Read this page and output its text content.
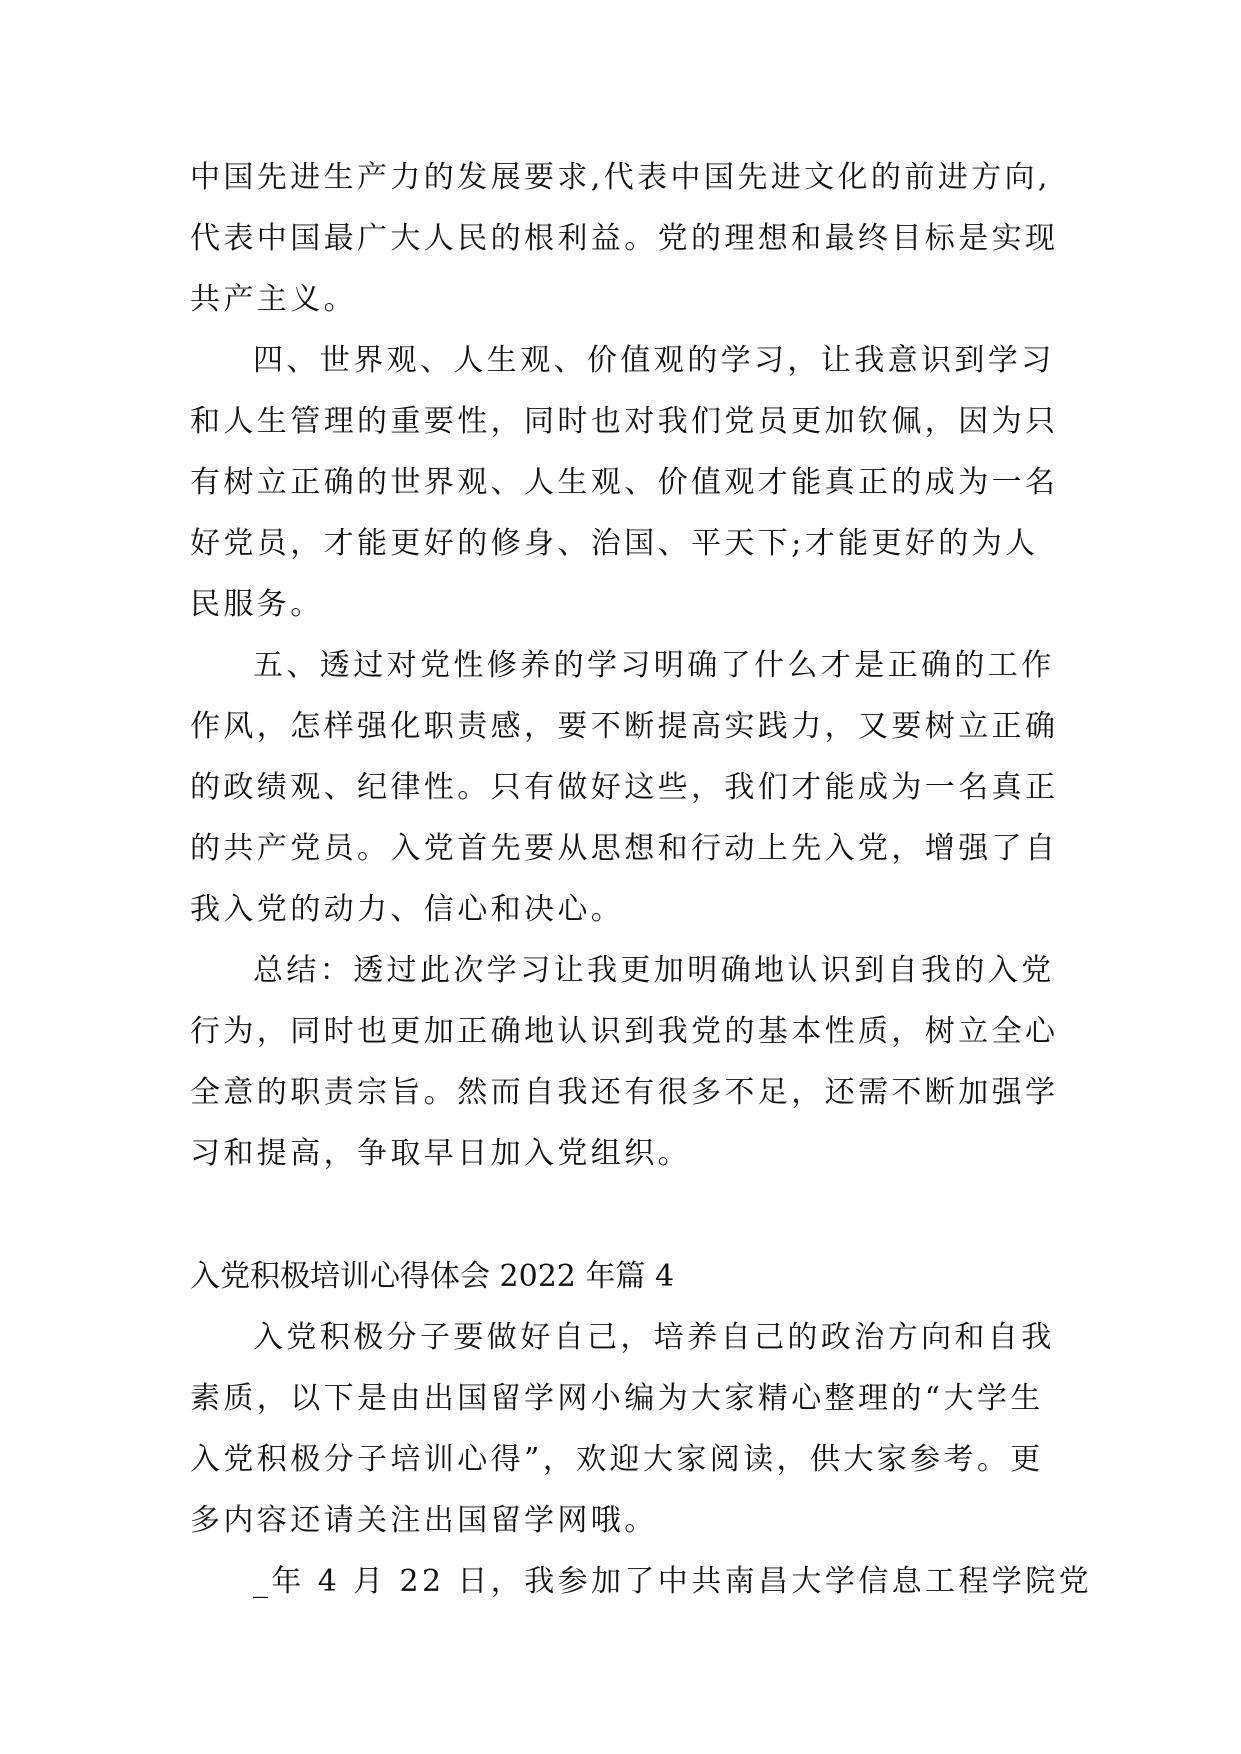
中国先进生产力的发展要求,代表中国先进文化的前进方向,

代表中国最广大人民的根利益。党的理想和最终目标是实现

共产主义。

四、世界观、人生观、价值观的学习，让我意识到学习

和人生管理的重要性，同时也对我们党员更加钦佩，因为只

有树立正确的世界观、人生观、价值观才能真正的成为一名

好党员，才能更好的修身、治国、平天下;才能更好的为人

民服务。

五、透过对党性修养的学习明确了什么才是正确的工作

作风，怎样强化职责感，要不断提高实践力，又要树立正确

的政绩观、纪律性。只有做好这些，我们才能成为一名真正

的共产党员。入党首先要从思想和行动上先入党，增强了自

我入党的动力、信心和决心。

总结：透过此次学习让我更加明确地认识到自我的入党

行为，同时也更加正确地认识到我党的基本性质，树立全心

全意的职责宗旨。然而自我还有很多不足，还需不断加强学

习和提高，争取早日加入党组织。

入党积极培训心得体会 2022 年篇 4

入党积极分子要做好自己，培养自己的政治方向和自我

素质，以下是由出国留学网小编为大家精心整理的“大学生

入党积极分子培训心得”，欢迎大家阅读，供大家参考。更

多内容还请关注出国留学网哦。

_年 4 月 22 日，我参加了中共南昌大学信息工程学院党
